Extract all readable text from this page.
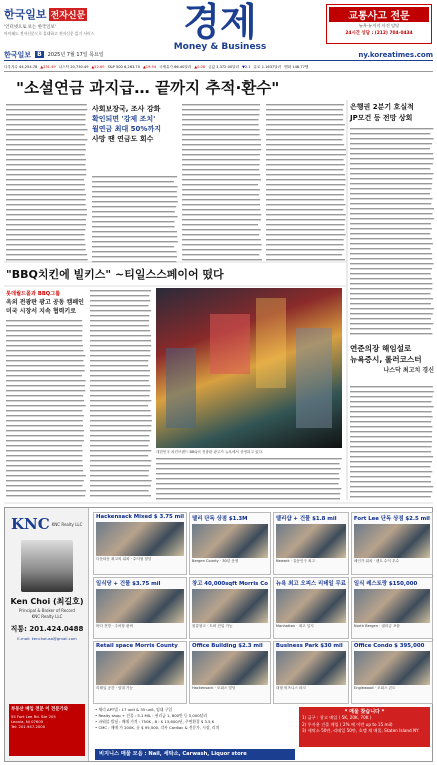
한국일보 전자신문
'인터넷으로 보는 한국일보'
아이패드 전자신문으로 휴대하고 전자신문 읽기 서비스	경제
Money & Business
교통사고 전문
뉴욕·뉴저지 사건 담당
24시간 상담 : (212) 704-0434
한국일보	B	2025년 7월 17일 목요일	ny.koreatimes.com
다우지수 44,254.78 ▲231.49 나스닥 20,730.49 ▲52.69 S&P 500 6,263.70 ▲19.94 국제유가 66.40달러 ▲0.08 금값 3,372.00달러 ▼2.1 유로 1.1637달러 엔화 148.77엔
"소셜연금 과지급… 끝까지 추적·환수"
사회보장국, 조사 강화
확인되면 '강제 조치'
월연금 최대 50%까지
사망 땐 연금도 회수
은행권 2분기 호실적
JP모건 등 전망 상회
"BBQ치킨에 빌키스" ~티일스스페이어 떴다
롯데월드몰과 BBQ그룹
옥외 전광판 광고 공동 캠페인
미국 시장서 지속 협력키로
대한민국 치킨브랜드 BBQ의 전광판 광고가 뉴욕에서 상영되고 있다.
연준의장 해임설로
뉴욕증시, 롤러코스터
나스닥 최고치 경신
KNC KNC Realty LLC
Ken Choi (최길호)
Principal & Broker of Record
KNC Realty LLC
직통: 201.424.0488
E-mail: kenchoiusa@gmail.com
부동산 매입 전문 이 전문가와
55 Fort Lee Rd. Ste 205
Leonia, NJ 07605
Tel: 201.947.2000
Hackensack Mixed $ 3.75 mil
다운타운 최고의 위치 · 수익형 빌딩
델리 단독 상점 $1.3M
Bergen County · 30년 운영
델리샵 + 건물 $1.8 mil
Newark · 유동인구 최고
Fort Lee 단독 상점 $2.5 mil
메인가 위치 · 렌트 수익 우수
일식당 + 건물 $3.75 mil
바다 전망 · 주차장 완비
창고 40,000sqft Morris Co
물류창고 · 트럭 진입 가능
뉴욕 최고 오피스 리테일 무료
Manhattan · 최고 입지
일식 레스토랑 $150,000
North Bergen · 권리금 포함
Retail space Morris County
리테일 공간 · 임대 가능
Office Building $2.3 mil
Hackensack · 오피스 빌딩
Business Park $30 mil
대형 비즈니스 파크
Office Condo $ 395,000
Englewood · 오피스 콘도
• 체리 APT빌 : 17 unit & 35 unit, 임대 구입
• Realty shop + 건물 : 5.1 MIL : 권리금 1, 800만 등 5,000달러
• 파워블 빌딩 : 매매 가격 : 750K , 8 : $ 13,600/년, 주변환경 $ 3.5 K
• CMC : 매매 가 200K, 유 $ 95,500, 각사 Cardiac & 전문가, 시장, 리치
* 매물 찾습니다 *
1) 급구 : 창고 매입 ( 5K, 20K, 70K )
2) 투자용 건물 매입 ( 2% 에 이번 up to 15 mil)
3) 세탁소 50만, 리테일 50만, 호텔 재 매물, Staten Island NY
비지니스 매물 모음 : Nail, 세탁소, Carwash, Liquor store
